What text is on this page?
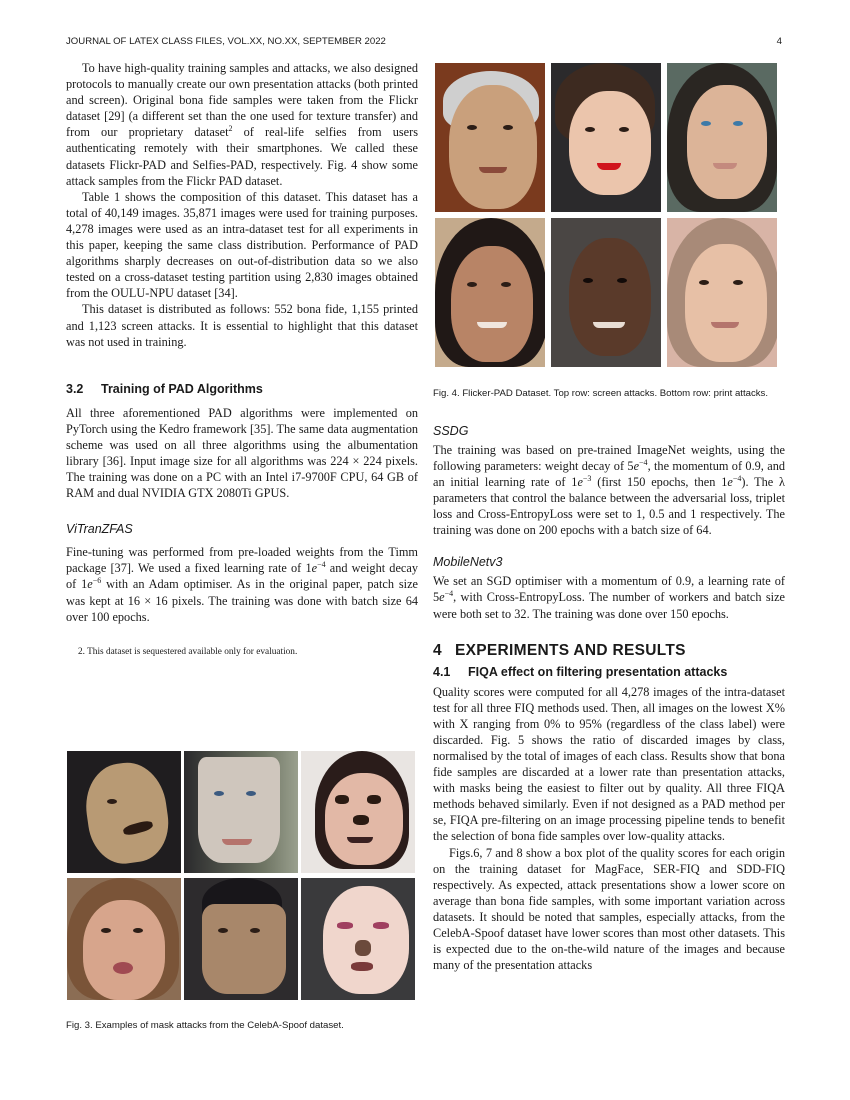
JOURNAL OF LATEX CLASS FILES, VOL.XX, NO.XX, SEPTEMBER 2022	4

To have high-quality training samples and attacks, we also designed protocols to manually create our own presentation attacks (both printed and screen). Original bona fide samples were taken from the Flickr dataset [29] (a different set than the one used for texture transfer) and from our proprietary dataset$^2$ of real-life selfies from users authenticating remotely with their smartphones. We called these datasets Flickr-PAD and Selfies-PAD, respectively. Fig. 4 show some attack samples from the Flickr PAD dataset.

Table 1 shows the composition of this dataset. This dataset has a total of 40,149 images. 35,871 images were used for training purposes. 4,278 images were used as an intra-dataset test for all experiments in this paper, keeping the same class distribution. Performance of PAD algorithms sharply decreases on out-of-distribution data so we also tested on a cross-dataset testing partition using 2,830 images obtained from the OULU-NPU dataset [34].

This dataset is distributed as follows: 552 bona fide, 1,155 printed and 1,123 screen attacks. It is essential to highlight that this dataset was not used in training.

3.2 Training of PAD Algorithms

All three aforementioned PAD algorithms were implemented on PyTorch using the Kedro framework [35]. The same data augmentation scheme was used on all three algorithms using the albumentation library [36]. Input image size for all algorithms was 224 × 224 pixels. The training was done on a PC with an Intel i7-9700F CPU, 64 GB of RAM and dual NVIDIA GTX 2080Ti GPUS.

ViTranZFAS

Fine-tuning was performed from pre-loaded weights from the Timm package [37]. We used a fixed learning rate of $1e^{-4}$ and weight decay of $1e^{-6}$ with an Adam optimiser. As in the original paper, patch size was kept at 16 × 16 pixels. The training was done with batch size 64 over 100 epochs.

2. This dataset is sequestered available only for evaluation.
Fig. 3. Examples of mask attacks from the CelebA-Spoof dataset.
Fig. 4. Flicker-PAD Dataset. Top row: screen attacks. Bottom row: print attacks.
SSDG

The training was based on pre-trained ImageNet weights, using the following parameters: weight decay of $5e^{-4}$, the momentum of 0.9, and an initial learning rate of $1e^{-3}$ (first 150 epochs, then $1e^{-4}$). The λ parameters that control the balance between the adversarial loss, triplet loss and Cross-EntropyLoss were set to 1, 0.5 and 1 respectively. The training was done on 200 epochs with a batch size of 64.

MobileNetv3

We set an SGD optimiser with a momentum of 0.9, a learning rate of $5e^{-4}$, with Cross-EntropyLoss. The number of workers and batch size were both set to 32. The training was done over 150 epochs.

4 EXPERIMENTS AND RESULTS
4.1 FIQA effect on filtering presentation attacks

Quality scores were computed for all 4,278 images of the intra-dataset test for all three FIQ methods used. Then, all images on the lowest X% with X ranging from 0% to 95% (regardless of the class label) were discarded. Fig. 5 shows the ratio of discarded images by class, normalised by the total of images of each class. Results show that bona fide samples are discarded at a lower rate than presentation attacks, with masks being the easiest to filter out by quality. All three FIQA methods behaved similarly. Even if not designed as a PAD method per se, FIQA pre-filtering on an image processing pipeline tends to benefit the selection of bona fide samples over low-quality attacks.

Figs.6, 7 and 8 show a box plot of the quality scores for each origin on the training dataset for MagFace, SER-FIQ and SDD-FIQ respectively. As expected, attack presentations show a lower score on average than bona fide samples, with some important variation across datasets. It should be noted that samples, especially attacks, from the CelebA-Spoof dataset have lower scores than most other datasets. This is expected due to the on-the-wild nature of the images and because many of the presentation attacks
